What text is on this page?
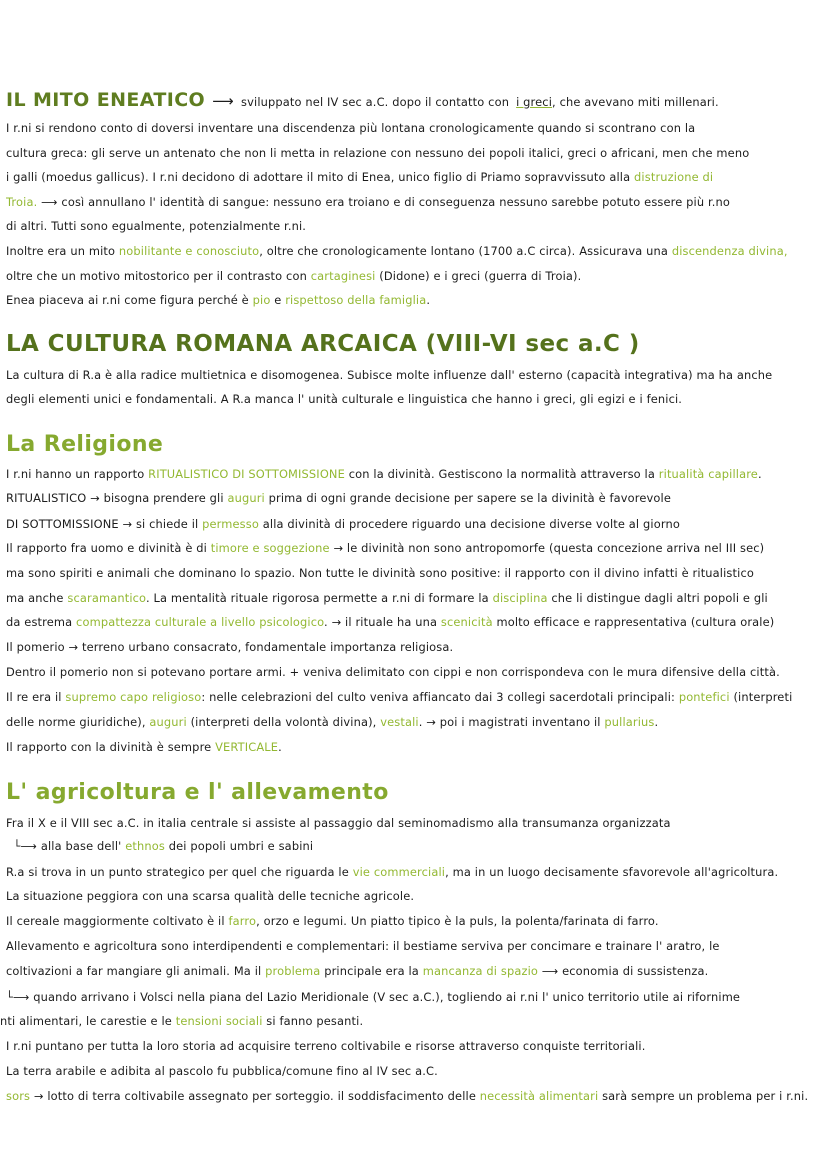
IL MITO ENEATICO ⟶ sviluppato nel IV sec a.C. dopo il contatto con i greci, che avevano miti millenari.
I r.ni si rendono conto di doversi inventare una discendenza più lontana cronologicamente quando si scontrano con la
cultura greca: gli serve un antenato che non li metta in relazione con nessuno dei popoli italici, greci o africani, men che meno
i galli (moedus gallicus). I r.ni decidono di adottare il mito di Enea, unico figlio di Priamo sopravvissuto alla distruzione di
Troia. ⟶ così annullano l' identità di sangue: nessuno era troiano e di conseguenza nessuno sarebbe potuto essere più r.no
di altri. Tutti sono egualmente, potenzialmente r.ni.
Inoltre era un mito nobilitante e conosciuto, oltre che cronologicamente lontano (1700 a.C circa). Assicurava una discendenza divina,
oltre che un motivo mitostorico per il contrasto con cartaginesi (Didone) e i greci (guerra di Troia).
Enea piaceva ai r.ni come figura perché è pio e rispettoso della famiglia.
LA CULTURA ROMANA ARCAICA (VIII-VI sec a.C )
La cultura di R.a è alla radice multietnica e disomogenea. Subisce molte influenze dall' esterno (capacità integrativa) ma ha anche
degli elementi unici e fondamentali. A R.a manca l' unità culturale e linguistica che hanno i greci, gli egizi e i fenici.
La Religione
I r.ni hanno un rapporto RITUALISTICO DI SOTTOMISSIONE con la divinità. Gestiscono la normalità attraverso la ritualità capillare.
RITUALISTICO → bisogna prendere gli auguri prima di ogni grande decisione per sapere se la divinità è favorevole
DI SOTTOMISSIONE → si chiede il permesso alla divinità di procedere riguardo una decisione diverse volte al giorno
Il rapporto fra uomo e divinità è di timore e soggezione → le divinità non sono antropomorfe (questa concezione arriva nel III sec)
ma sono spiriti e animali che dominano lo spazio. Non tutte le divinità sono positive: il rapporto con il divino infatti è ritualistico
ma anche scaramantico. La mentalità rituale rigorosa permette a r.ni di formare la disciplina che li distingue dagli altri popoli e gli
da estrema compattezza culturale a livello psicologico. → il rituale ha una scenicità molto efficace e rappresentativa (cultura orale)
Il pomerio → terreno urbano consacrato, fondamentale importanza religiosa.
Dentro il pomerio non si potevano portare armi. + veniva delimitato con cippi e non corrispondeva con le mura difensive della città.
Il re era il supremo capo religioso: nelle celebrazioni del culto veniva affiancato dai 3 collegi sacerdotali principali: pontefici (interpreti
delle norme giuridiche), auguri (interpreti della volontà divina), vestali. → poi i magistrati inventano il pullarius.
Il rapporto con la divinità è sempre VERTICALE.
L' agricoltura e l' allevamento
Fra il X e il VIII sec a.C. in italia centrale si assiste al passaggio dal seminomadismo alla transumanza organizzata
└⟶ alla base dell' ethnos dei popoli umbri e sabini
R.a si trova in un punto strategico per quel che riguarda le vie commerciali, ma in un luogo decisamente sfavorevole all'agricoltura.
La situazione peggiora con una scarsa qualità delle tecniche agricole.
Il cereale maggiormente coltivato è il farro, orzo e legumi. Un piatto tipico è la puls, la polenta/farinata di farro.
Allevamento e agricoltura sono interdipendenti e complementari: il bestiame serviva per concimare e trainare l' aratro, le
coltivazioni a far mangiare gli animali. Ma il problema principale era la mancanza di spazio ⟶ economia di sussistenza.
└⟶ quando arrivano i Volsci nella piana del Lazio Meridionale (V sec a.C.), togliendo ai r.ni l' unico territorio utile ai rifornime
nti alimentari, le carestie e le tensioni sociali si fanno pesanti.
I r.ni puntano per tutta la loro storia ad acquisire terreno coltivabile e risorse attraverso conquiste territoriali.
La terra arabile e adibita al pascolo fu pubblica/comune fino al IV sec a.C.
sors → lotto di terra coltivabile assegnato per sorteggio. il soddisfacimento delle necessità alimentari sarà sempre un problema per i r.ni.
